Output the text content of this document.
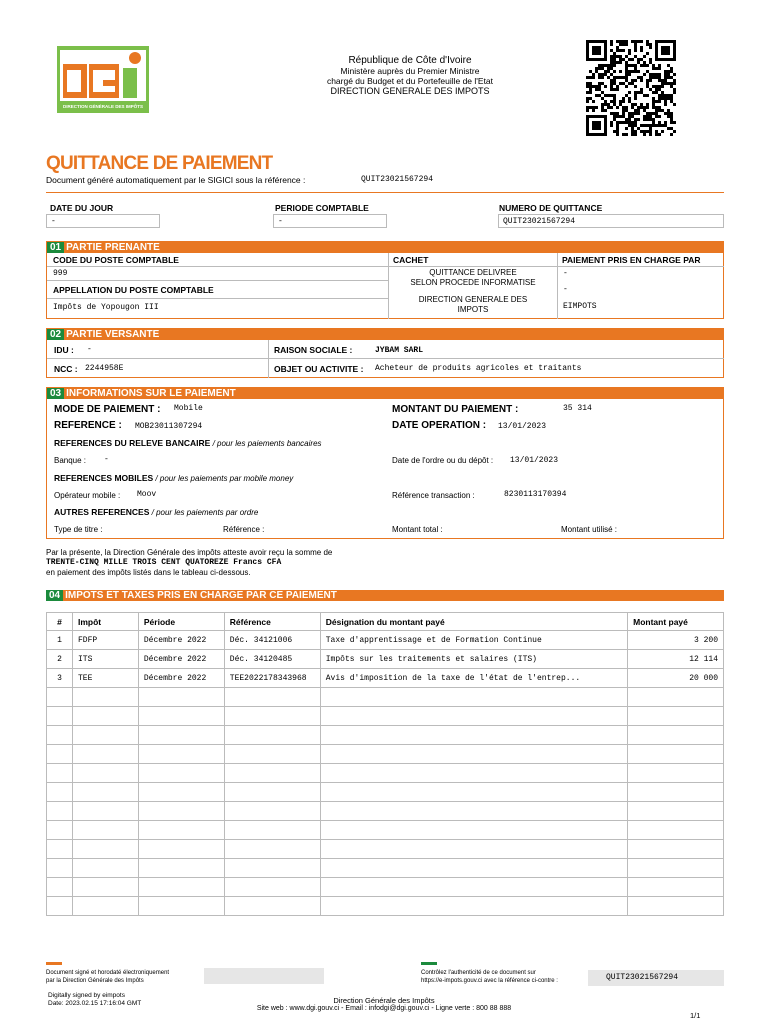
DIRECTION GÉNÉRALE DES IMPÔTS
République de Côte d'Ivoire
Ministère auprès du Premier Ministre
chargé du Budget et du Portefeuille de l'Etat
DIRECTION GENERALE DES IMPOTS
QUITTANCE DE PAIEMENT
Document généré automatiquement par le SIGICI sous la référence :	QUIT23021567294
DATE DU JOUR
-
PERIODE COMPTABLE
-
NUMERO DE QUITTANCE
QUIT23021567294
01 PARTIE PRENANTE
CODE DU POSTE COMPTABLE
999
APPELLATION DU POSTE COMPTABLE
Impôts de Yopougon III
CACHET
QUITTANCE DELIVREE
SELON PROCEDE INFORMATISE
DIRECTION GENERALE DES
IMPOTS
PAIEMENT PRIS EN CHARGE PAR
-
-
EIMPOTS
02 PARTIE VERSANTE
IDU : -
NCC : 2244958E
RAISON SOCIALE :	JYBAM SARL
OBJET OU ACTIVITE : Acheteur de produits agricoles et traitants
03 INFORMATIONS SUR LE PAIEMENT
MODE DE PAIEMENT : Mobile	MONTANT DU PAIEMENT :	35 314
REFERENCE : MOB23011307294	DATE OPERATION : 13/01/2023
REFERENCES DU RELEVE BANCAIRE / pour les paiements bancaires
Banque : -	Date de l'ordre ou du dépôt : 13/01/2023
REFERENCES MOBILES / pour les paiements par mobile money
Opérateur mobile : Moov	Référence transaction :	8230113170394
AUTRES REFERENCES / pour les paiements par ordre
Type de titre :	Référence :	Montant total :	Montant utilisé :
Par la présente, la Direction Générale des impôts atteste avoir reçu la somme de
TRENTE-CINQ MILLE TROIS CENT QUATOREZE Francs CFA
en paiement des impôts listés dans le tableau ci-dessous.
04 IMPOTS ET TAXES PRIS EN CHARGE PAR CE PAIEMENT
#	Impôt	Période	Référence	Désignation du montant payé	Montant payé
1	FDFP	Décembre 2022	Déc. 34121006	Taxe d'apprentissage et de Formation Continue	3 200
2	ITS	Décembre 2022	Déc. 34120485	Impôts sur les traitements et salaires (ITS)	12 114
3	TEE	Décembre 2022	TEE2022178343968	Avis d'imposition de la taxe de l'état de l'entrep...	20 000

Document signé et horodaté électroniquement
par la Direction Générale des Impôts
Contrôlez l'authenticité de ce document sur
https://e-impots.gouv.ci avec la référence ci-contre :	QUIT23021567294
Digitally signed by eimpots
Date: 2023.02.15 17:16:04 GMT	Direction Générale des Impôts
Site web : www.dgi.gouv.ci - Email : infodgi@dgi.gouv.ci - Ligne verte : 800 88 888
1/1
